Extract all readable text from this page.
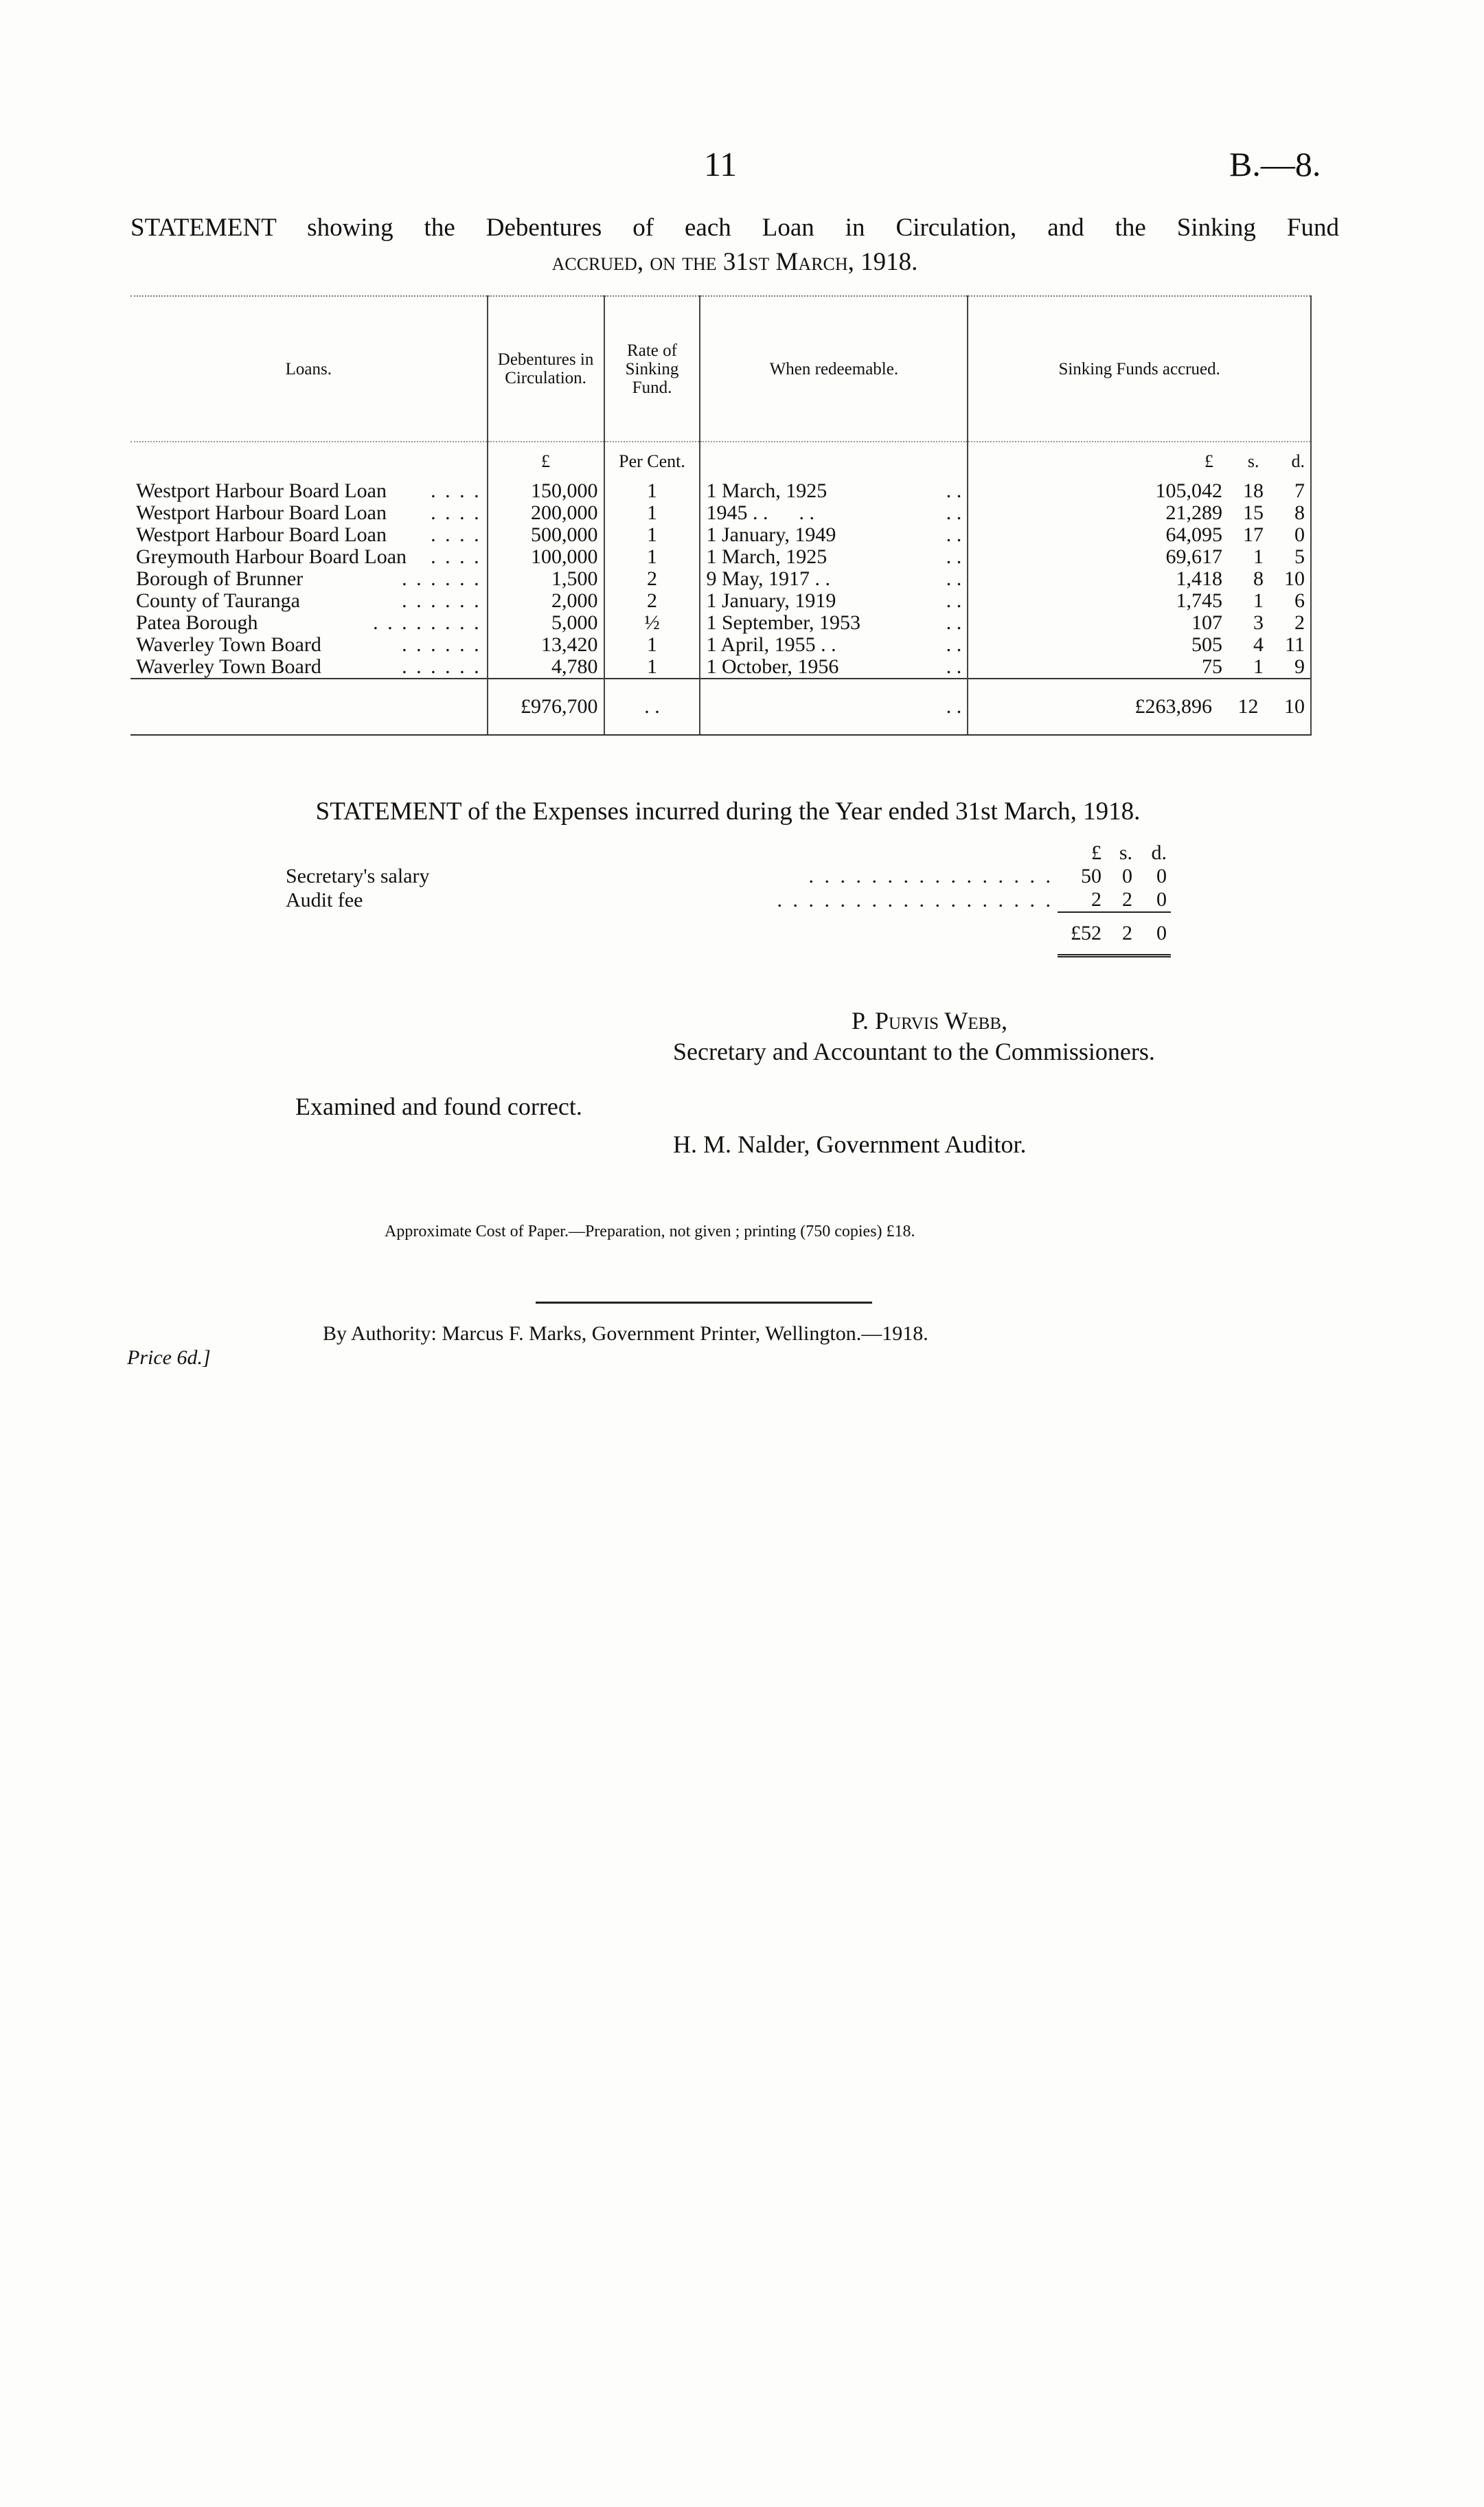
11	B.—8.
STATEMENT showing the Debentures of each Loan in Circulation, and the Sinking Fund
accrued, on the 31st March, 1918.
Loans.	Debentures in Circulation.	Rate of Sinking Fund.	When redeemable.	Sinking Funds accrued.
	£	Per Cent.		£ s. d.
Westport Harbour Board Loan . . . .	150,000	1	1 March, 1925 . .	105,042 18 7
Westport Harbour Board Loan . . . .	200,000	1	1945 . .      . . . .	21,289 15 8
Westport Harbour Board Loan . . . .	500,000	1	1 January, 1949 . .	64,095 17 0
Greymouth Harbour Board Loan . . . .	100,000	1	1 March, 1925 . .	69,617 1 5
Borough of Brunner . . . . . .	1,500	2	9 May, 1917 . . . .	1,418 8 10
County of Tauranga . . . . . .	2,000	2	1 January, 1919 . .	1,745 1 6
Patea Borough . . . . . . . .	5,000	½	1 September, 1953 . .	107 3 2
Waverley Town Board . . . . . .	13,420	1	1 April, 1955 . . . .	505 4 11
Waverley Town Board . . . . . .	4,780	1	1 October, 1956 . .	75 1 9
	£976,700	. .	. .	£263,896 12 10
STATEMENT of the Expenses incurred during the Year ended 31st March, 1918.
		£	s.	d.
Secretary's salary	. . . . . . . . . . . . . . . .	50	0	0
Audit fee	. . . . . . . . . . . . . . . . . .	2	2	0
		£52	2	0
P. Purvis Webb,
Secretary and Accountant to the Commissioners.
Examined and found correct.
H. M. Nalder, Government Auditor.
Approximate Cost of Paper.—Preparation, not given ; printing (750 copies) £18.
By Authority: Marcus F. Marks, Government Printer, Wellington.—1918.
Price 6d.]
